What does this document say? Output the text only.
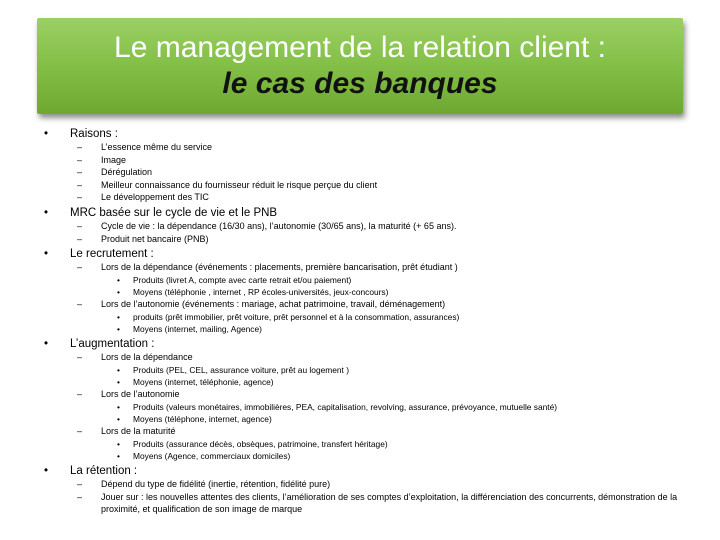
Le management de la relation client :
le cas des banques
• Raisons :
– L’essence même du service
– Image
– Dérégulation
– Meilleur connaissance du fournisseur réduit le risque perçue du client
– Le développement des TIC
• MRC basée sur le cycle de vie et le PNB
– Cycle de vie : la dépendance (16/30 ans), l’autonomie (30/65 ans), la maturité (+ 65 ans).
– Produit net bancaire (PNB)
• Le recrutement :
– Lors de la dépendance (événements : placements, première bancarisation, prêt étudiant )
• Produits (livret A, compte avec carte retrait et/ou paiement)
• Moyens (téléphonie , internet , RP écoles-universités, jeux-concours)
– Lors de l’autonomie (événements : mariage, achat patrimoine, travail, déménagement)
• produits (prêt immobilier, prêt voiture, prêt personnel et à la consommation, assurances)
• Moyens (internet, mailing, Agence)
• L’augmentation :
– Lors de la dépendance
• Produits (PEL, CEL, assurance voiture, prêt au logement )
• Moyens (internet, téléphonie, agence)
– Lors de l’autonomie
• Produits (valeurs monétaires, immobilières, PEA, capitalisation, revolving, assurance, prévoyance, mutuelle santé)
• Moyens (téléphone, internet, agence)
– Lors de la maturité
• Produits (assurance décès, obsèques, patrimoine, transfert héritage)
• Moyens (Agence, commerciaux domiciles)
• La rétention :
– Dépend du type de fidélité (inertie, rétention, fidélité pure)
– Jouer sur : les nouvelles attentes des clients, l’amélioration de ses comptes d’exploitation, la différenciation des concurrents, démonstration de la proximité, et qualification de son image de marque
